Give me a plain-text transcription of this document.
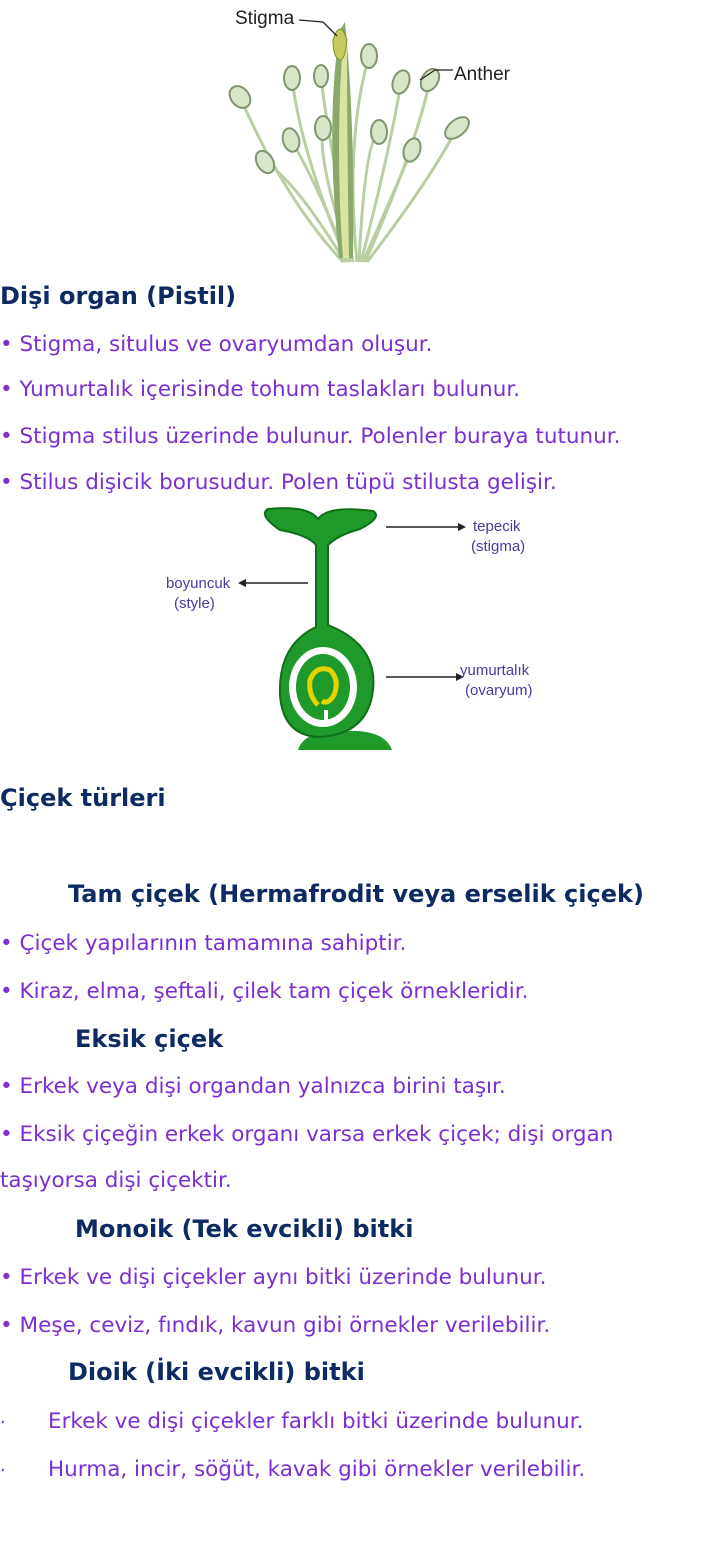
Stigma
Anther
Dişi organ (Pistil)
• Stigma, situlus ve ovaryumdan oluşur.
• Yumurtalık içerisinde tohum taslakları bulunur.
• Stigma stilus üzerinde bulunur. Polenler buraya tutunur.
• Stilus dişicik borusudur. Polen tüpü stilusta gelişir.
tepecik
(stigma)
boyuncuk
(style)
yumurtalık
(ovaryum)
Çiçek türleri
Tam çiçek (Hermafrodit veya erselik çiçek)
• Çiçek yapılarının tamamına sahiptir.
• Kiraz, elma, şeftali, çilek tam çiçek örnekleridir.
Eksik çiçek
• Erkek veya dişi organdan yalnızca birini taşır.
• Eksik çiçeğin erkek organı varsa erkek çiçek; dişi organ
taşıyorsa dişi çiçektir.
Monoik (Tek evcikli) bitki
• Erkek ve dişi çiçekler aynı bitki üzerinde bulunur.
• Meşe, ceviz, fındık, kavun gibi örnekler verilebilir.
Dioik (İki evcikli) bitki
· Erkek ve dişi çiçekler farklı bitki üzerinde bulunur.
· Hurma, incir, söğüt, kavak gibi örnekler verilebilir.
